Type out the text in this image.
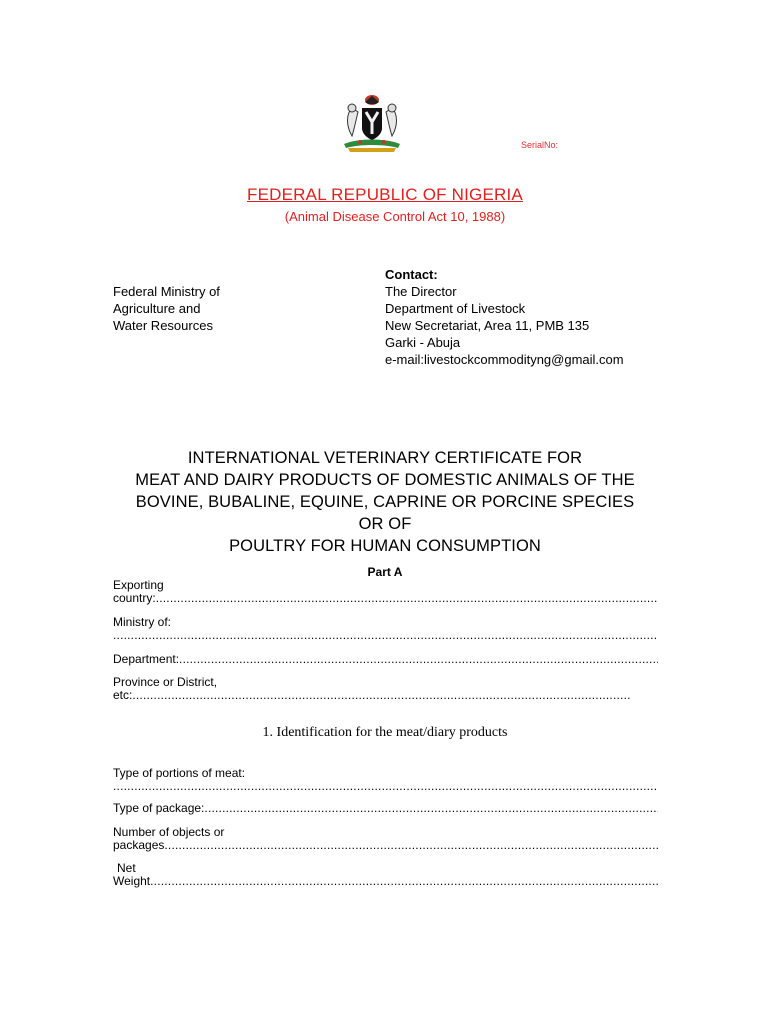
SerialNo:
FEDERAL REPUBLIC OF NIGERIA
(Animal Disease Control Act 10, 1988)
Federal Ministry of
Agriculture and
Water Resources
Contact:
The Director
Department of Livestock
New Secretariat, Area 11, PMB 135
Garki - Abuja
e-mail:livestockcommodityng@gmail.com
INTERNATIONAL VETERINARY CERTIFICATE FOR
MEAT AND DAIRY PRODUCTS OF DOMESTIC ANIMALS OF THE
BOVINE, BUBALINE, EQUINE, CAPRINE OR PORCINE SPECIES
OR OF
POULTRY FOR HUMAN CONSUMPTION
Part A
Exporting
country: .....
Ministry of:
.....
Department: .....
Province or District,
etc: .....
1. Identification for the meat/diary products
Type of portions of meat:
.....
Type of package: .....
Number of objects or
packages .....
Net
Weight .....
